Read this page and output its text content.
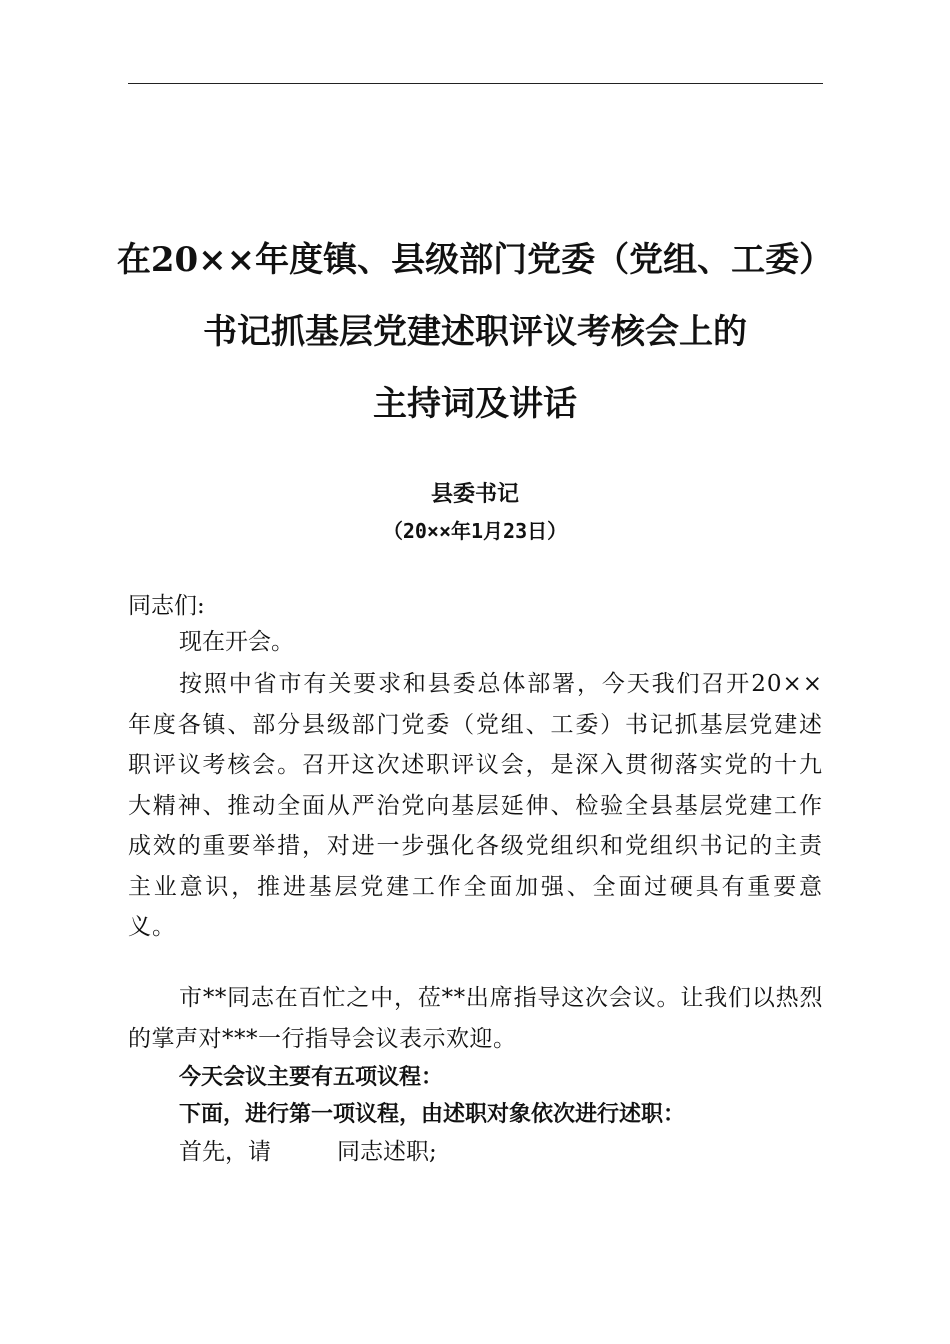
在20××年度镇、县级部门党委（党组、工委）
书记抓基层党建述职评议考核会上的
主持词及讲话
县委书记
（20××年1月23日）
同志们:
现在开会。
按照中省市有关要求和县委总体部署，今天我们召开20××年度各镇、部分县级部门党委（党组、工委）书记抓基层党建述职评议考核会。召开这次述职评议会，是深入贯彻落实党的十九大精神、推动全面从严治党向基层延伸、检验全县基层党建工作成效的重要举措，对进一步强化各级党组织和党组织书记的主责主业意识，推进基层党建工作全面加强、全面过硬具有重要意义。
市**同志在百忙之中，莅**出席指导这次会议。让我们以热烈的掌声对***一行指导会议表示欢迎。
今天会议主要有五项议程：
下面，进行第一项议程，由述职对象依次进行述职：
首先，请	同志述职;
